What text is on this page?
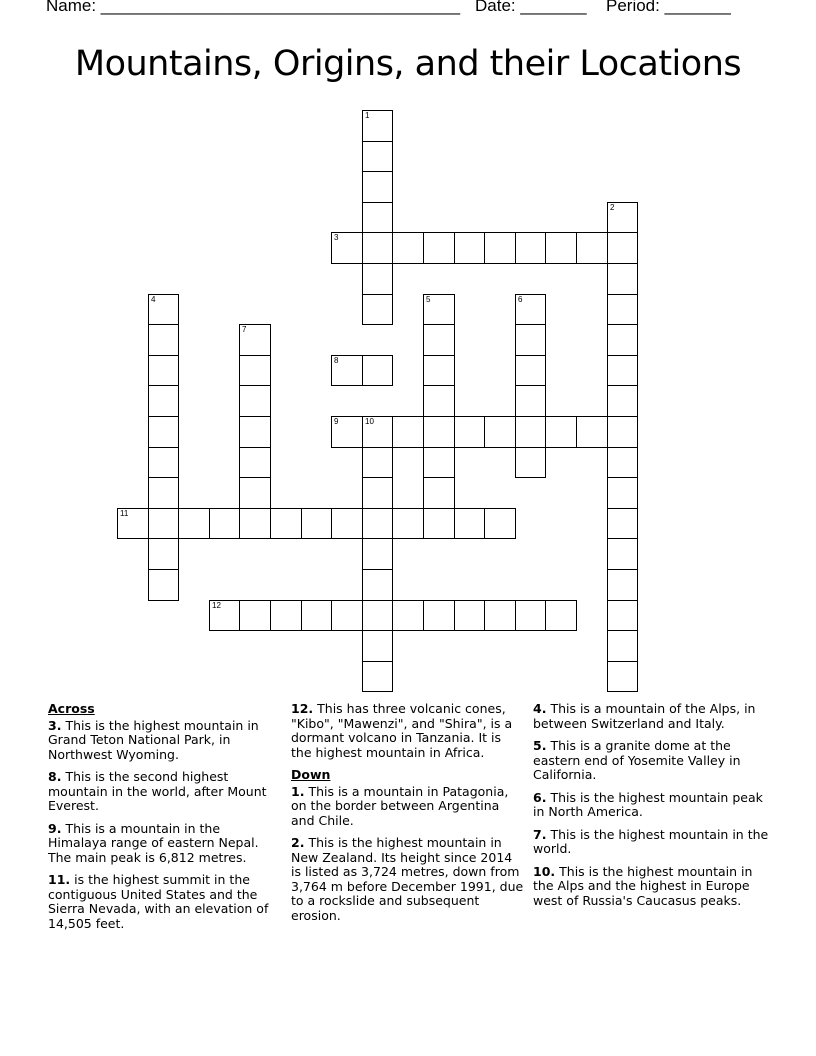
Name: ______________________________________ Date: _______ Period: _______
Mountains, Origins, and their Locations
1
2
3
4	5	6
7
8
9	10
11
12
Across
3. This is the highest mountain in Grand Teton National Park, in Northwest Wyoming.
8. This is the second highest mountain in the world, after Mount Everest.
9. This is a mountain in the Himalaya range of eastern Nepal. The main peak is 6,812 metres.
11. is the highest summit in the contiguous United States and the Sierra Nevada, with an elevation of 14,505 feet.
12. This has three volcanic cones, "Kibo", "Mawenzi", and "Shira", is a dormant volcano in Tanzania. It is the highest mountain in Africa.
Down
1. This is a mountain in Patagonia, on the border between Argentina and Chile.
2. This is the highest mountain in New Zealand. Its height since 2014 is listed as 3,724 metres, down from 3,764 m before December 1991, due to a rockslide and subsequent erosion.
4. This is a mountain of the Alps, in between Switzerland and Italy.
5. This is a granite dome at the eastern end of Yosemite Valley in California.
6. This is the highest mountain peak in North America.
7. This is the highest mountain in the world.
10. This is the highest mountain in the Alps and the highest in Europe west of Russia's Caucasus peaks.
